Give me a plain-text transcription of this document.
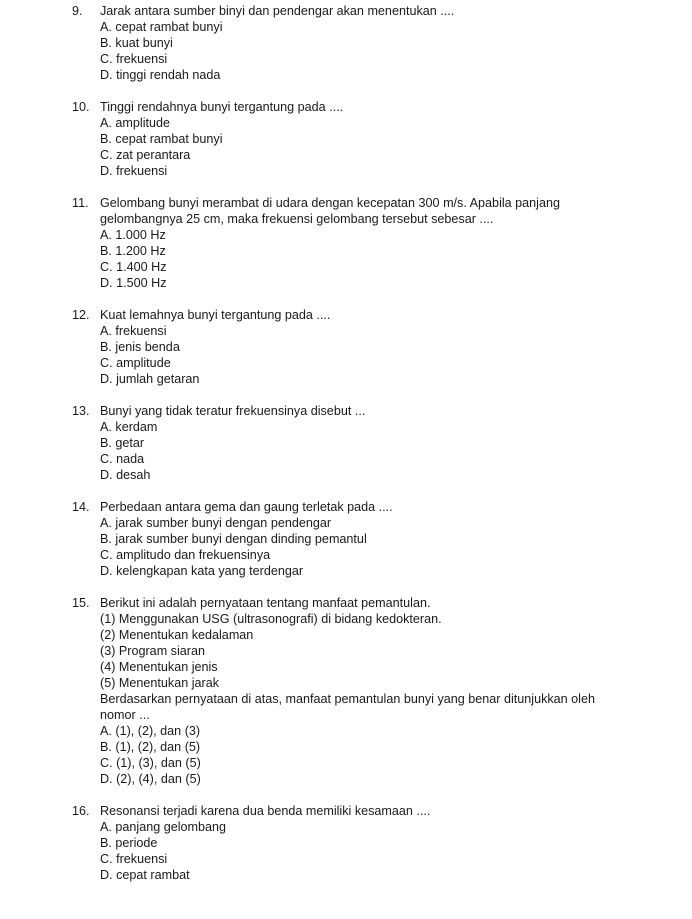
9. Jarak antara sumber binyi dan pendengar akan menentukan ....
A. cepat rambat bunyi
B. kuat bunyi
C. frekuensi
D. tinggi rendah nada
10. Tinggi rendahnya bunyi tergantung pada ....
A. amplitude
B. cepat rambat bunyi
C. zat perantara
D. frekuensi
11. Gelombang bunyi merambat di udara dengan kecepatan 300 m/s. Apabila panjang gelombangnya 25 cm, maka frekuensi gelombang tersebut sebesar ....
A. 1.000 Hz
B. 1.200 Hz
C. 1.400 Hz
D. 1.500 Hz
12. Kuat lemahnya bunyi tergantung pada ....
A. frekuensi
B. jenis benda
C. amplitude
D. jumlah getaran
13. Bunyi yang tidak teratur frekuensinya disebut ...
A. kerdam
B. getar
C. nada
D. desah
14. Perbedaan antara gema dan gaung terletak pada ....
A. jarak sumber bunyi dengan pendengar
B. jarak sumber bunyi dengan dinding pemantul
C. amplitudo dan frekuensinya
D. kelengkapan kata yang terdengar
15. Berikut ini adalah pernyataan tentang manfaat pemantulan.
(1) Menggunakan USG (ultrasonografi) di bidang kedokteran.
(2) Menentukan kedalaman
(3) Program siaran
(4) Menentukan jenis
(5) Menentukan jarak
Berdasarkan pernyataan di atas, manfaat pemantulan bunyi yang benar ditunjukkan oleh nomor ...
A. (1), (2), dan (3)
B. (1), (2), dan (5)
C. (1), (3), dan (5)
D. (2), (4), dan (5)
16. Resonansi terjadi karena dua benda memiliki kesamaan ....
A. panjang gelombang
B. periode
C. frekuensi
D. cepat rambat
